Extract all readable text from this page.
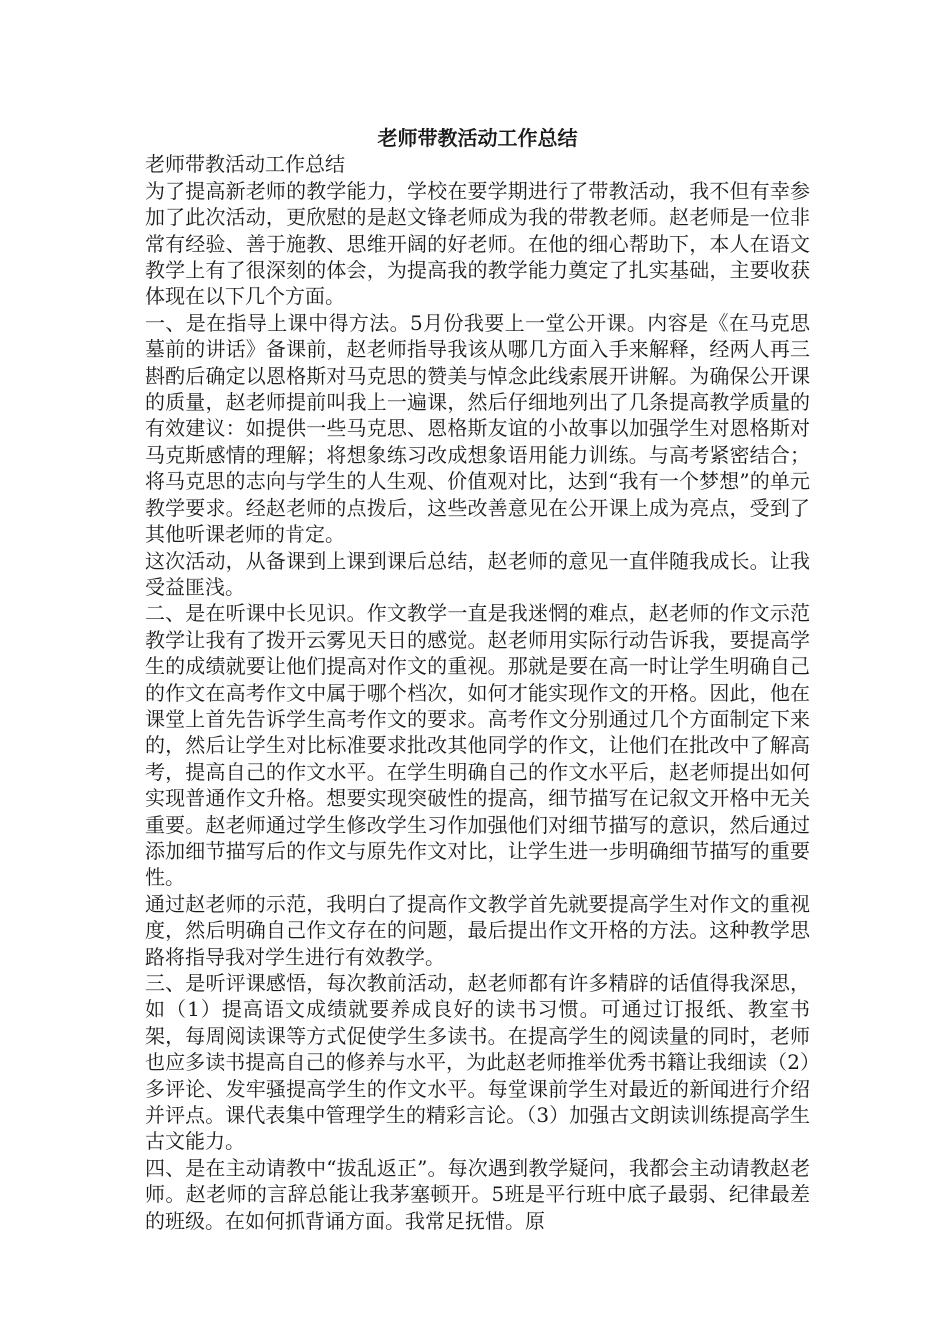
老师带教活动工作总结

老师带教活动工作总结

为了提高新老师的教学能力，学校在要学期进行了带教活动，我不但有幸参加了此次活动，更欣慰的是赵文锋老师成为我的带教老师。赵老师是一位非常有经验、善于施教、思维开阔的好老师。在他的细心帮助下，本人在语文教学上有了很深刻的体会，为提高我的教学能力奠定了扎实基础，主要收获体现在以下几个方面。

一、是在指导上课中得方法。5月份我要上一堂公开课。内容是《在马克思墓前的讲话》备课前，赵老师指导我该从哪几方面入手来解释，经两人再三斟酌后确定以恩格斯对马克思的赞美与悼念此线索展开讲解。为确保公开课的质量，赵老师提前叫我上一遍课，然后仔细地列出了几条提高教学质量的有效建议：如提供一些马克思、恩格斯友谊的小故事以加强学生对恩格斯对马克斯感情的理解；将想象练习改成想象语用能力训练。与高考紧密结合；将马克思的志向与学生的人生观、价值观对比，达到“我有一个梦想”的单元教学要求。经赵老师的点拨后，这些改善意见在公开课上成为亮点，受到了其他听课老师的肯定。

这次活动，从备课到上课到课后总结，赵老师的意见一直伴随我成长。让我受益匪浅。

二、是在听课中长见识。作文教学一直是我迷惘的难点，赵老师的作文示范教学让我有了拨开云雾见天日的感觉。赵老师用实际行动告诉我，要提高学生的成绩就要让他们提高对作文的重视。那就是要在高一时让学生明确自己的作文在高考作文中属于哪个档次，如何才能实现作文的开格。因此，他在课堂上首先告诉学生高考作文的要求。高考作文分别通过几个方面制定下来的，然后让学生对比标准要求批改其他同学的作文，让他们在批改中了解高考，提高自己的作文水平。在学生明确自己的作文水平后，赵老师提出如何实现普通作文升格。想要实现突破性的提高，细节描写在记叙文开格中无关重要。赵老师通过学生修改学生习作加强他们对细节描写的意识，然后通过添加细节描写后的作文与原先作文对比，让学生进一步明确细节描写的重要性。

通过赵老师的示范，我明白了提高作文教学首先就要提高学生对作文的重视度，然后明确自己作文存在的问题，最后提出作文开格的方法。这种教学思路将指导我对学生进行有效教学。

三、是听评课感悟，每次教前活动，赵老师都有许多精辟的话值得我深思，如（1）提高语文成绩就要养成良好的读书习惯。可通过订报纸、教室书架，每周阅读课等方式促使学生多读书。在提高学生的阅读量的同时，老师也应多读书提高自己的修养与水平，为此赵老师推举优秀书籍让我细读（2）　多评论、发牢骚提高学生的作文水平。每堂课前学生对最近的新闻进行介绍并评点。课代表集中管理学生的精彩言论。（3）加强古文朗读训练提高学生古文能力。

四、是在主动请教中“拔乱返正”。每次遇到教学疑问，我都会主动请教赵老师。赵老师的言辞总能让我茅塞顿开。5班是平行班中底子最弱、纪律最差的班级。在如何抓背诵方面。我常足抚惜。原
